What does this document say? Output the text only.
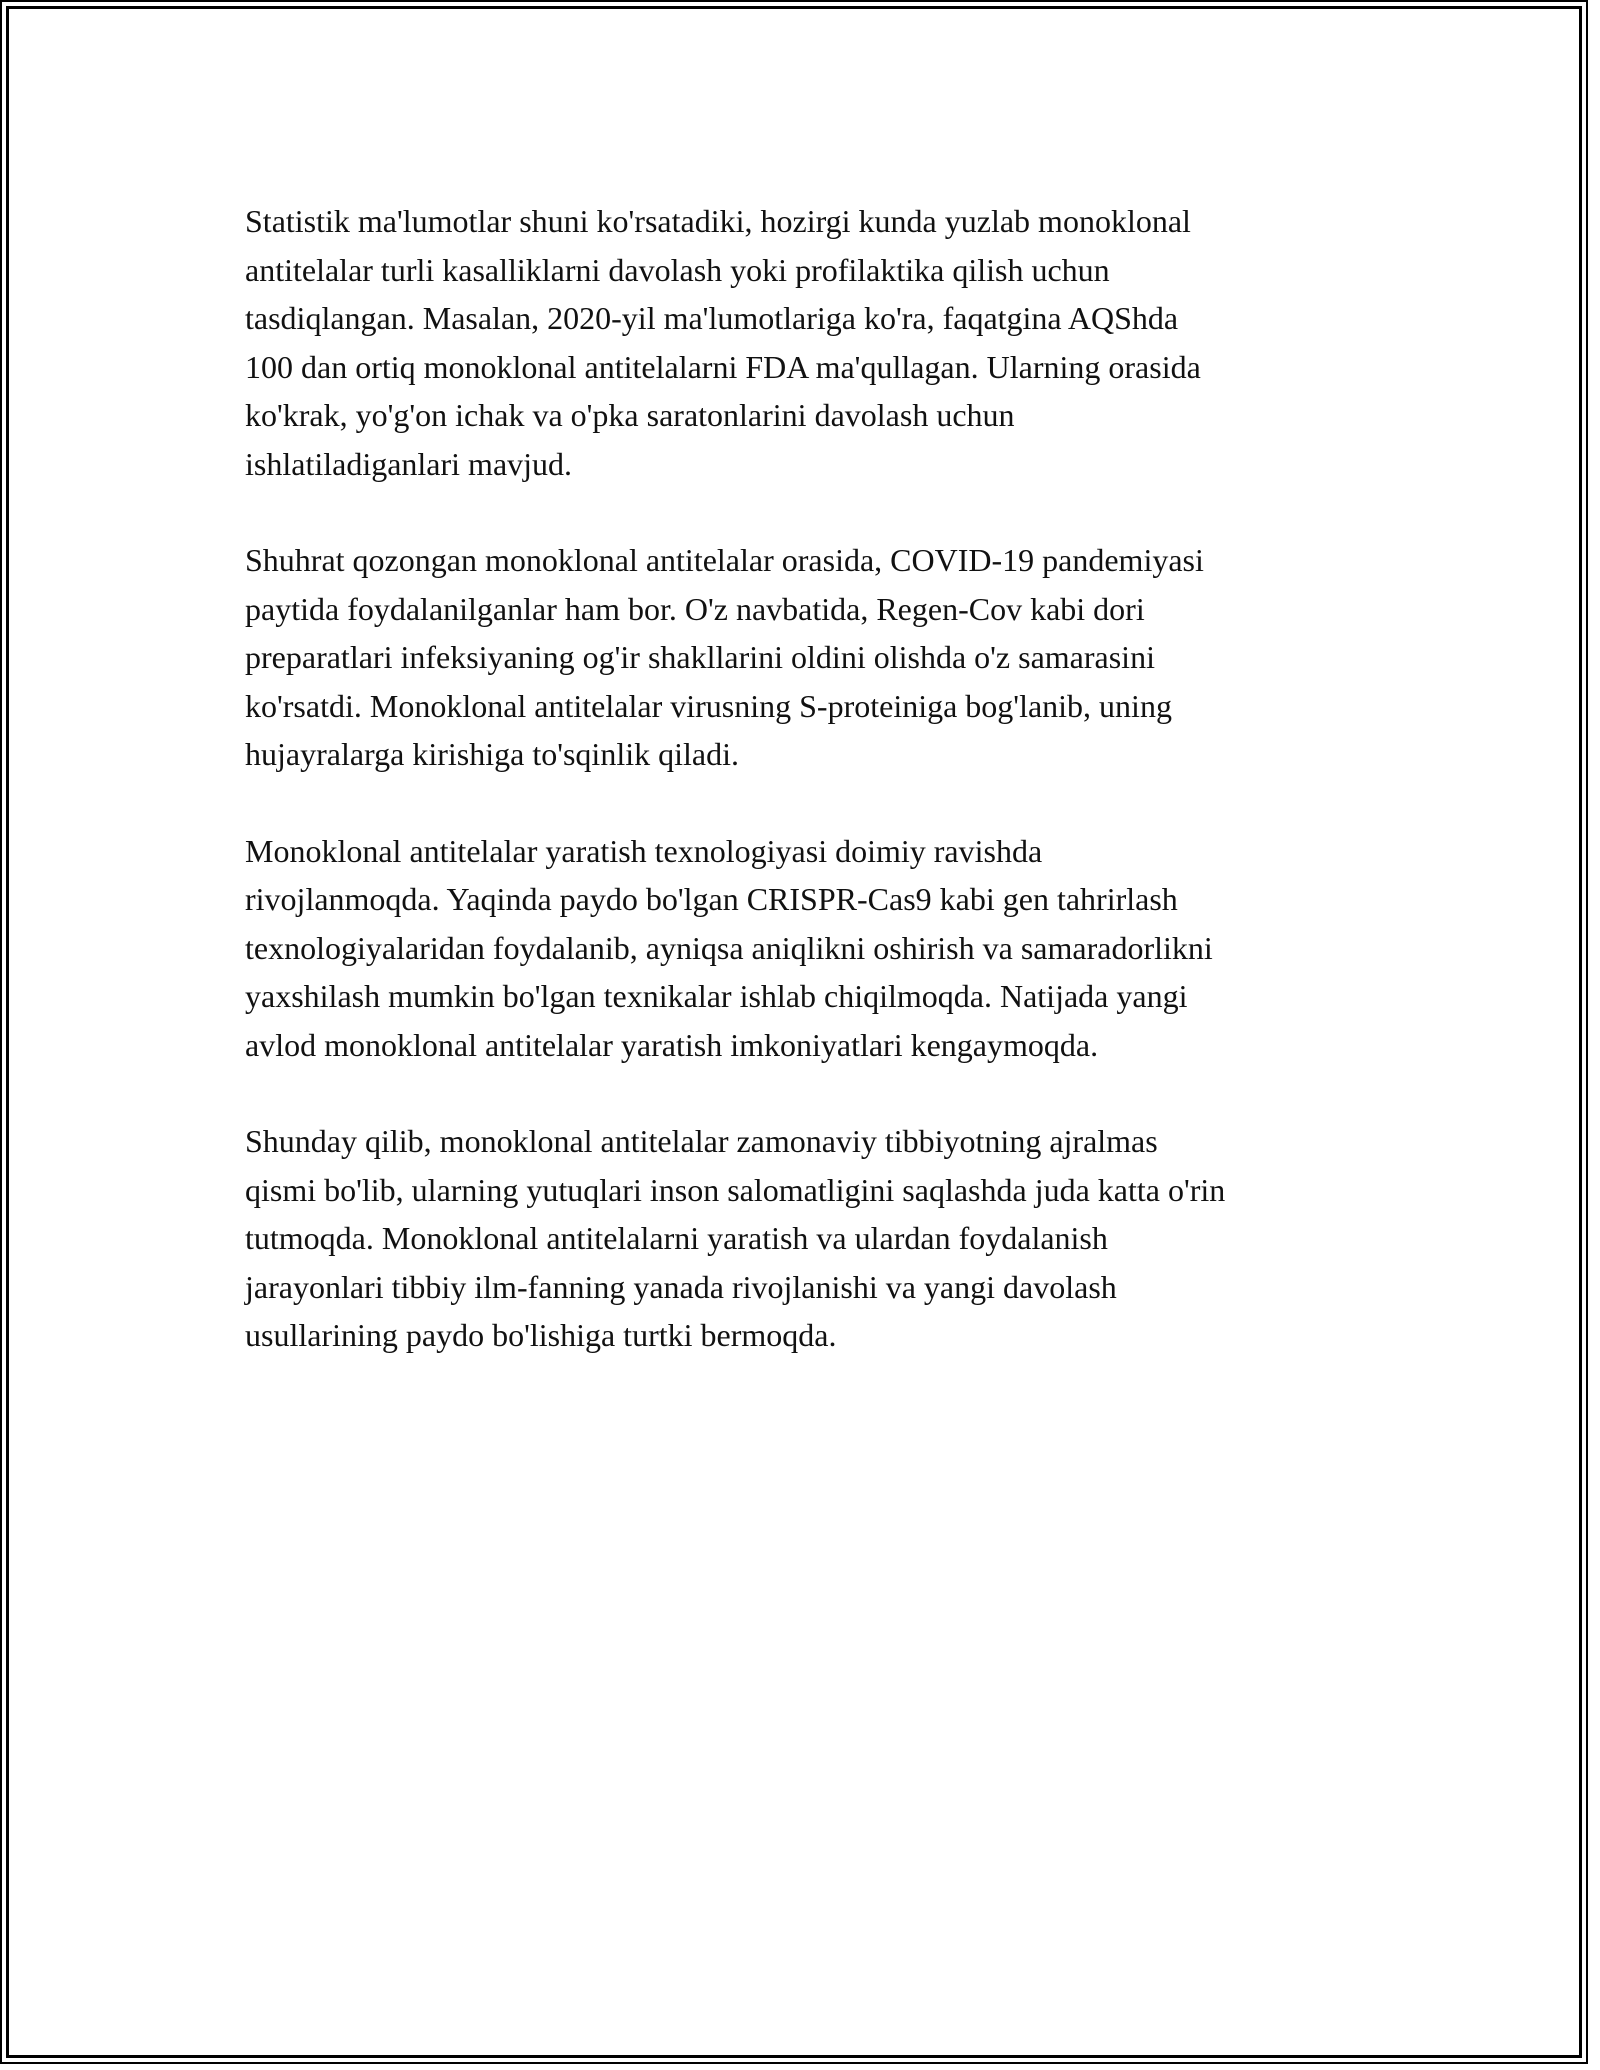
Statistik ma'lumotlar shuni ko'rsatadiki, hozirgi kunda yuzlab monoklonal
antitelalar turli kasalliklarni davolash yoki profilaktika qilish uchun
tasdiqlangan. Masalan, 2020-yil ma'lumotlariga ko'ra, faqatgina AQShda
100 dan ortiq monoklonal antitelalarni FDA ma'qullagan. Ularning orasida
ko'krak, yo'g'on ichak va o'pka saratonlarini davolash uchun
ishlatiladiganlari mavjud.

Shuhrat qozongan monoklonal antitelalar orasida, COVID-19 pandemiyasi
paytida foydalanilganlar ham bor. O'z navbatida, Regen-Cov kabi dori
preparatlari infeksiyaning og'ir shakllarini oldini olishda o'z samarasini
ko'rsatdi. Monoklonal antitelalar virusning S-proteiniga bog'lanib, uning
hujayralarga kirishiga to'sqinlik qiladi.

Monoklonal antitelalar yaratish texnologiyasi doimiy ravishda
rivojlanmoqda. Yaqinda paydo bo'lgan CRISPR-Cas9 kabi gen tahrirlash
texnologiyalaridan foydalanib, ayniqsa aniqlikni oshirish va samaradorlikni
yaxshilash mumkin bo'lgan texnikalar ishlab chiqilmoqda. Natijada yangi
avlod monoklonal antitelalar yaratish imkoniyatlari kengaymoqda.

Shunday qilib, monoklonal antitelalar zamonaviy tibbiyotning ajralmas
qismi bo'lib, ularning yutuqlari inson salomatligini saqlashda juda katta o'rin
tutmoqda. Monoklonal antitelalarni yaratish va ulardan foydalanish
jarayonlari tibbiy ilm-fanning yanada rivojlanishi va yangi davolash
usullarining paydo bo'lishiga turtki bermoqda.
